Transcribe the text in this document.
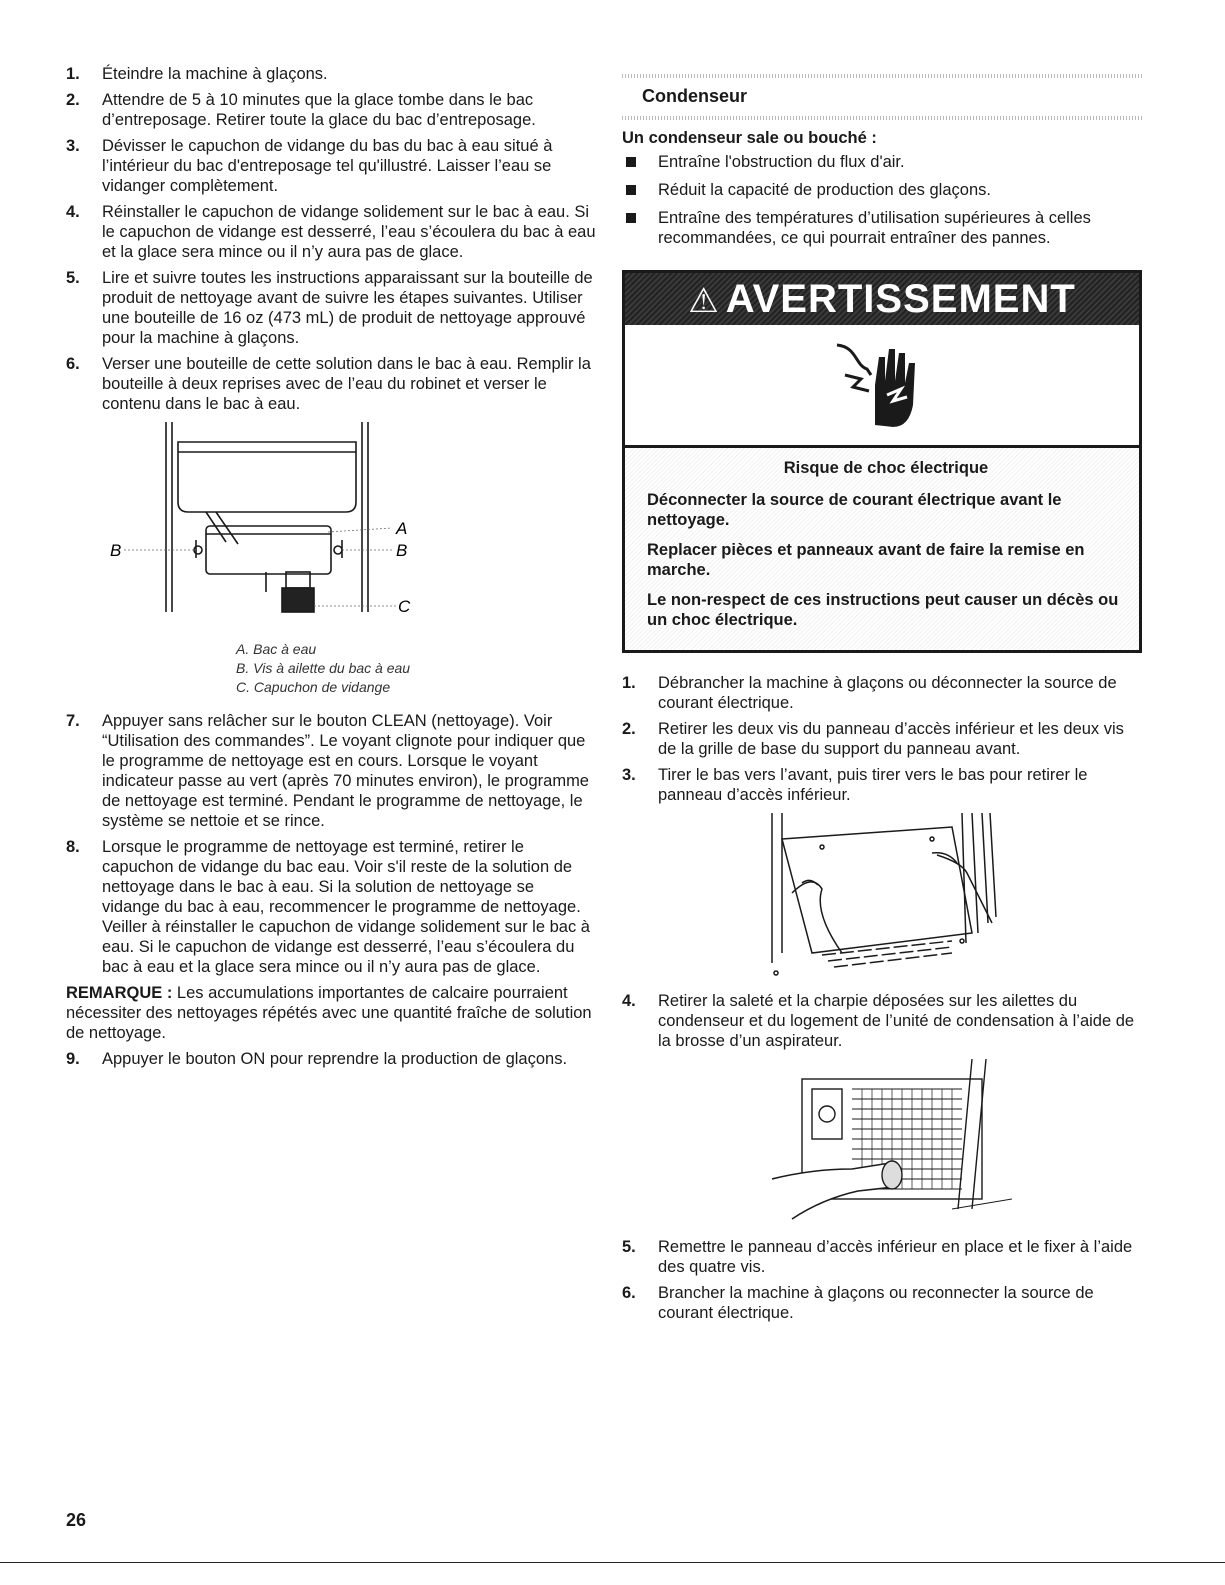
1.	Éteindre la machine à glaçons.
2.	Attendre de 5 à 10 minutes que la glace tombe dans le bac d’entreposage. Retirer toute la glace du bac d’entreposage.
3.	Dévisser le capuchon de vidange du bas du bac à eau situé à l’intérieur du bac d'entreposage tel qu'illustré. Laisser l’eau se vidanger complètement.
4.	Réinstaller le capuchon de vidange solidement sur le bac à eau. Si le capuchon de vidange est desserré, l’eau s’écoulera du bac à eau et la glace sera mince ou il n’y aura pas de glace.
5.	Lire et suivre toutes les instructions apparaissant sur la bouteille de produit de nettoyage avant de suivre les étapes suivantes. Utiliser une bouteille de 16 oz (473 mL) de produit de nettoyage approuvé pour la machine à glaçons.
6.	Verser une bouteille de cette solution dans le bac à eau. Remplir la bouteille à deux reprises avec de l’eau du robinet et verser le contenu dans le bac à eau.
B
A
B
C
A. Bac à eau
B. Vis à ailette du bac à eau
C. Capuchon de vidange
7.	Appuyer sans relâcher sur le bouton CLEAN (nettoyage). Voir “Utilisation des commandes”. Le voyant clignote pour indiquer que le programme de nettoyage est en cours. Lorsque le voyant indicateur passe au vert (après 70 minutes environ), le programme de nettoyage est terminé. Pendant le programme de nettoyage, le système se nettoie et se rince.
8.	Lorsque le programme de nettoyage est terminé, retirer le capuchon de vidange du bac eau. Voir s'il reste de la solution de nettoyage dans le bac à eau. Si la solution de nettoyage se vidange du bac à eau, recommencer le programme de nettoyage. Veiller à réinstaller le capuchon de vidange solidement sur le bac à eau. Si le capuchon de vidange est desserré, l’eau s’écoulera du bac à eau et la glace sera mince ou il n’y aura pas de glace.
REMARQUE : Les accumulations importantes de calcaire pourraient nécessiter des nettoyages répétés avec une quantité fraîche de solution de nettoyage.
9.	Appuyer le bouton ON pour reprendre la production de glaçons.
Condenseur
Un condenseur sale ou bouché :
Entraîne l'obstruction du flux d'air.
Réduit la capacité de production des glaçons.
Entraîne des températures d’utilisation supérieures à celles recommandées, ce qui pourrait entraîner des pannes.
⚠ AVERTISSEMENT
Risque de choc électrique

Déconnecter la source de courant électrique avant le nettoyage.

Replacer pièces et panneaux avant de faire la remise en marche.

Le non-respect de ces instructions peut causer un décès ou un choc électrique.

1.	Débrancher la machine à glaçons ou déconnecter la source de courant électrique.
2.	Retirer les deux vis du panneau d’accès inférieur et les deux vis de la grille de base du support du panneau avant.
3.	Tirer le bas vers l’avant, puis tirer vers le bas pour retirer le panneau d’accès inférieur.
4.	Retirer la saleté et la charpie déposées sur les ailettes du condenseur et du logement de l’unité de condensation à l’aide de la brosse d’un aspirateur.
5.	Remettre le panneau d’accès inférieur en place et le fixer à l’aide des quatre vis.
6.	Brancher la machine à glaçons ou reconnecter la source de courant électrique.
26
